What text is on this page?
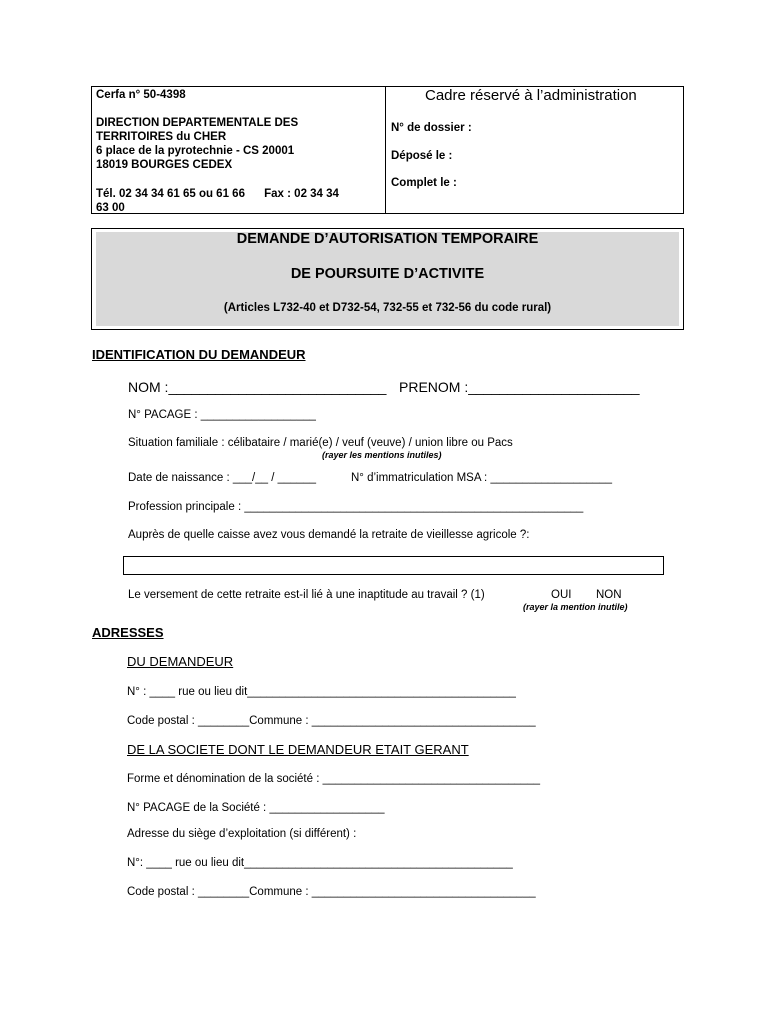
Cerfa n° 50-4398
DIRECTION DEPARTEMENTALE DES
TERRITOIRES du CHER
6 place de la pyrotechnie - CS 20001
18019 BOURGES CEDEX
Tél. 02 34 34 61 65 ou 61 66      Fax : 02 34 34
63 00
Cadre réservé à l’administration
N° de dossier :
Déposé le :
Complet le :
DEMANDE D’AUTORISATION TEMPORAIRE
DE POURSUITE D’ACTIVITE
(Articles L732-40 et D732-54, 732-55 et 732-56 du code rural)
IDENTIFICATION DU DEMANDEUR
NOM :____________________________ PRENOM :______________________
N° PACAGE : __________________
Situation familiale : célibataire / marié(e) / veuf (veuve) / union libre ou Pacs
(rayer les mentions inutiles)
Date de naissance : ___/__ / ______	N° d’immatriculation MSA : ___________________
Profession principale : _____________________________________________________
Auprès de quelle caisse avez vous demandé la retraite de vieillesse agricole ?:
Le versement de cette retraite est-il lié à une inaptitude au travail ? (1)	OUI NON
(rayer la mention inutile)
ADRESSES
DU DEMANDEUR
N° : ____ rue ou lieu dit__________________________________________
Code postal : ________Commune : ___________________________________
DE LA SOCIETE DONT LE DEMANDEUR ETAIT GERANT
Forme et dénomination de la société : __________________________________
N° PACAGE de la Société : __________________
Adresse du siège d’exploitation (si différent) :
N°: ____ rue ou lieu dit__________________________________________
Code postal : ________Commune : ___________________________________
